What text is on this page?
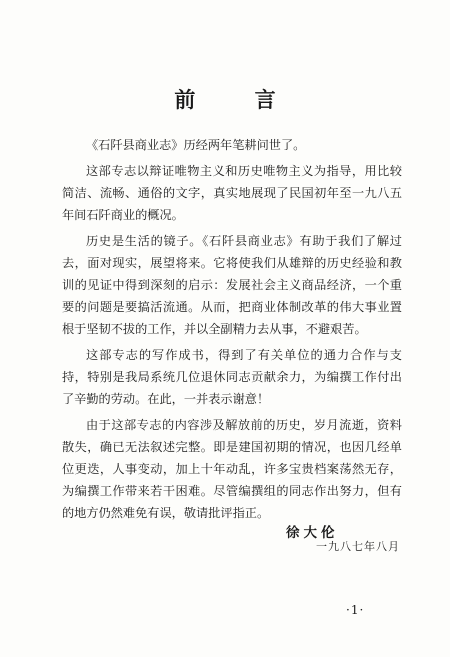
前 言

《石阡县商业志》历经两年笔耕问世了。

这部专志以辩证唯物主义和历史唯物主义为指导，用比较简洁、流畅、通俗的文字，真实地展现了民国初年至一九八五年间石阡商业的概况。

历史是生活的镜子。《石阡县商业志》有助于我们了解过去，面对现实，展望将来。它将使我们从雄辩的历史经验和教训的见证中得到深刻的启示：发展社会主义商品经济，一个重要的问题是要搞活流通。从而，把商业体制改革的伟大事业置根于坚韧不拔的工作，并以全副精力去从事，不避艰苦。

这部专志的写作成书，得到了有关单位的通力合作与支持，特别是我局系统几位退休同志贡献余力，为编撰工作付出了辛勤的劳动。在此，一并表示谢意！

由于这部专志的内容涉及解放前的历史，岁月流逝，资料散失，确已无法叙述完整。即是建国初期的情况，也因几经单位更迭，人事变动，加上十年动乱，许多宝贵档案荡然无存，为编撰工作带来若干困难。尽管编撰组的同志作出努力，但有的地方仍然难免有误，敬请批评指正。

徐大伦
一九八七年八月
·1·
